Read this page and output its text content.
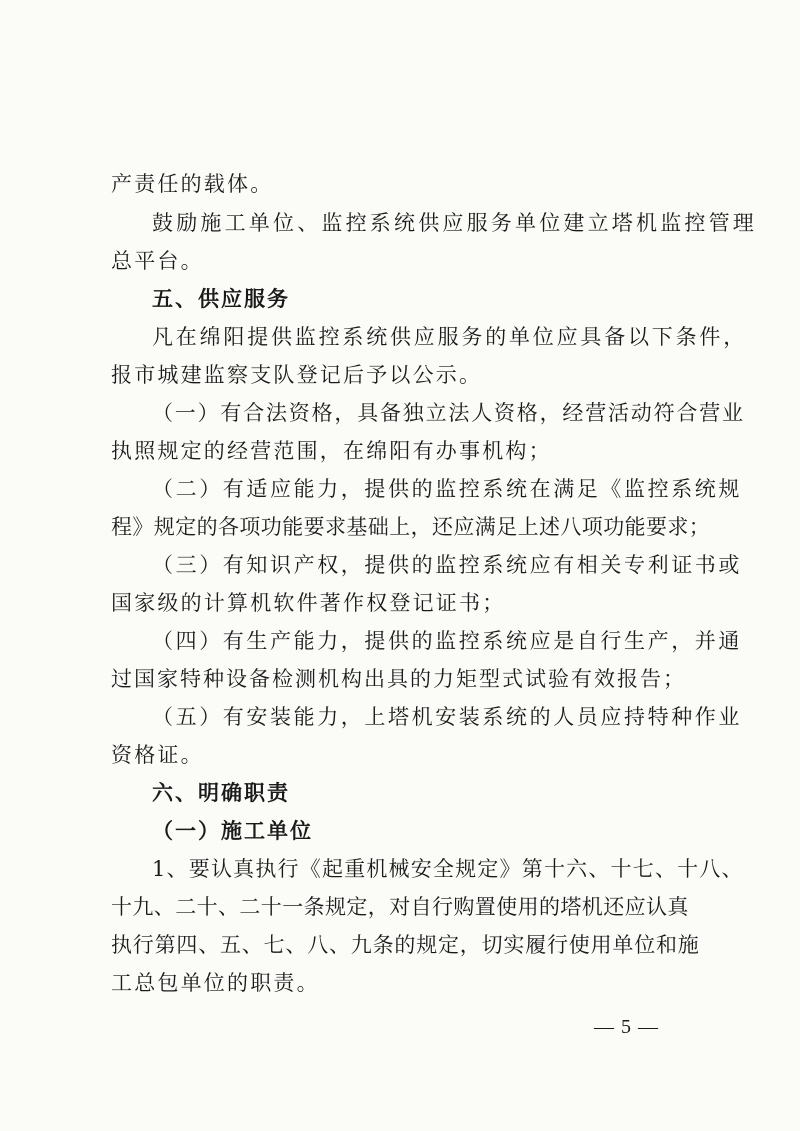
产责任的载体。
鼓励施工单位、监控系统供应服务单位建立塔机监控管理
总平台。
五、供应服务
凡在绵阳提供监控系统供应服务的单位应具备以下条件，
报市城建监察支队登记后予以公示。
（一）有合法资格，具备独立法人资格，经营活动符合营业
执照规定的经营范围，在绵阳有办事机构；
（二）有适应能力，提供的监控系统在满足《监控系统规
程》规定的各项功能要求基础上，还应满足上述八项功能要求；
（三）有知识产权，提供的监控系统应有相关专利证书或
国家级的计算机软件著作权登记证书；
（四）有生产能力，提供的监控系统应是自行生产，并通
过国家特种设备检测机构出具的力矩型式试验有效报告；
（五）有安装能力，上塔机安装系统的人员应持特种作业
资格证。
六、明确职责
（一）施工单位
1、要认真执行《起重机械安全规定》第十六、十七、十八、
十九、二十、二十一条规定，对自行购置使用的塔机还应认真
执行第四、五、七、八、九条的规定，切实履行使用单位和施
工总包单位的职责。
— 5 —
